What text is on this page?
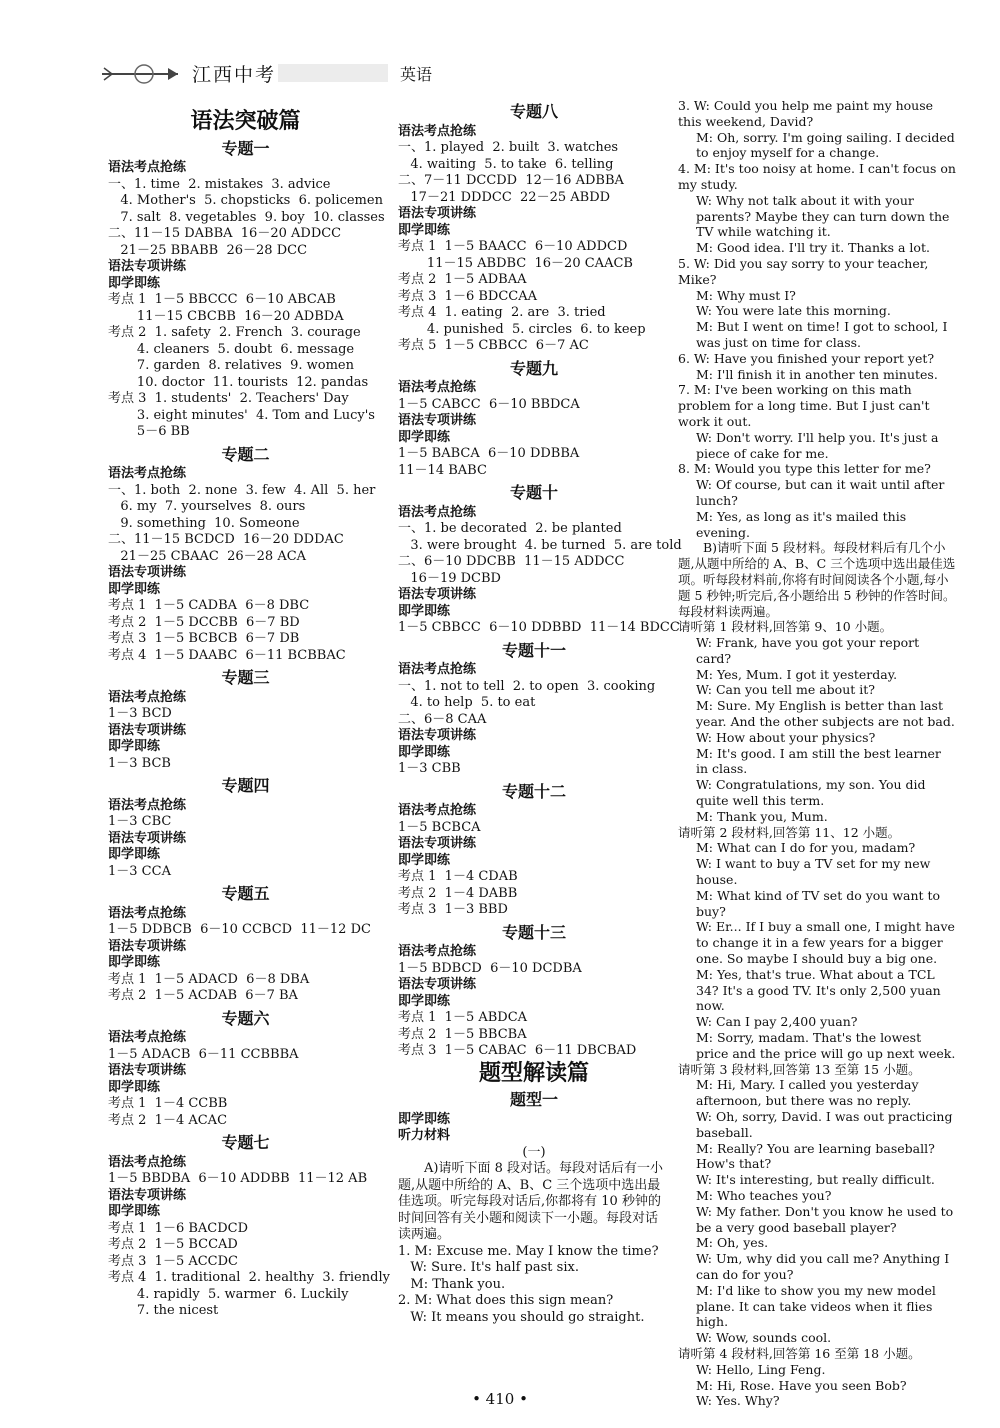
江西中考	英语
语法突破篇
专题一
语法考点抢练
一、1. time  2. mistakes  3. advice
4. Mother's  5. chopsticks  6. policemen
7. salt  8. vegetables  9. boy  10. classes
二、11－15 DABBA  16－20 ADDCC
21－25 BBABB  26－28 DCC
语法专项讲练
即学即练
考点 1  1－5 BBCCC  6－10 ABCAB
11－15 CBCBB  16－20 ADBDA
考点 2  1. safety  2. French  3. courage
4. cleaners  5. doubt  6. message
7. garden  8. relatives  9. women
10. doctor  11. tourists  12. pandas
考点 3  1. students'  2. Teachers' Day
3. eight minutes'  4. Tom and Lucy's
5－6 BB
专题二
语法考点抢练
一、1. both  2. none  3. few  4. All  5. her
6. my  7. yourselves  8. ours
9. something  10. Someone
二、11－15 BCDCD  16－20 DDDAC
21－25 CBAAC  26－28 ACA
语法专项讲练
即学即练
考点 1  1－5 CADBA  6－8 DBC
考点 2  1－5 DCCBB  6－7 BD
考点 3  1－5 BCBCB  6－7 DB
考点 4  1－5 DAABC  6－11 BCBBAC
专题三
语法考点抢练
1－3 BCD
语法专项讲练
即学即练
1－3 BCB
专题四
语法考点抢练
1－3 CBC
语法专项讲练
即学即练
1－3 CCA
专题五
语法考点抢练
1－5 DDBCB  6－10 CCBCD  11－12 DC
语法专项讲练
即学即练
考点 1  1－5 ADACD  6－8 DBA
考点 2  1－5 ACDAB  6－7 BA
专题六
语法考点抢练
1－5 ADACB  6－11 CCBBBA
语法专项讲练
即学即练
考点 1  1－4 CCBB
考点 2  1－4 ACAC
专题七
语法考点抢练
1－5 BBDBA  6－10 ADDBB  11－12 AB
语法专项讲练
即学即练
考点 1  1－6 BACDCD
考点 2  1－5 BCCAD
考点 3  1－5 ACCDC
考点 4  1. traditional  2. healthy  3. friendly
4. rapidly  5. warmer  6. Luckily
7. the nicest
专题八
语法考点抢练
一、1. played  2. built  3. watches
4. waiting  5. to take  6. telling
二、7－11 DCCDD  12－16 ADBBA
17－21 DDDCC  22－25 ABDD
语法专项讲练
即学即练
考点 1  1－5 BAACC  6－10 ADDCD
11－15 ABDBC  16－20 CAACB
考点 2  1－5 ADBAA
考点 3  1－6 BDCCAA
考点 4  1. eating  2. are  3. tried
4. punished  5. circles  6. to keep
考点 5  1－5 CBBCC  6－7 AC
专题九
语法考点抢练
1－5 CABCC  6－10 BBDCA
语法专项讲练
即学即练
1－5 BABCA  6－10 DDBBA
11－14 BABC
专题十
语法考点抢练
一、1. be decorated  2. be planted
3. were brought  4. be turned  5. are told
二、6－10 DDCBB  11－15 ADDCC
16－19 DCBD
语法专项讲练
即学即练
1－5 CBBCC  6－10 DDBBD  11－14 BDCC
专题十一
语法考点抢练
一、1. not to tell  2. to open  3. cooking
4. to help  5. to eat
二、6－8 CAA
语法专项讲练
即学即练
1－3 CBB
专题十二
语法考点抢练
1－5 BCBCA
语法专项讲练
即学即练
考点 1  1－4 CDAB
考点 2  1－4 DABB
考点 3  1－3 BBD
专题十三
语法考点抢练
1－5 BDBCD  6－10 DCDBA
语法专项讲练
即学即练
考点 1  1－5 ABDCA
考点 2  1－5 BBCBA
考点 3  1－5 CABAC  6－11 DBCBAD
题型解读篇
题型一
即学即练
听力材料
(一)
A)请听下面 8 段对话。每段对话后有一小题,从题中所给的 A、B、C 三个选项中选出最佳选项。听完每段对话后,你都将有 10 秒钟的时间回答有关小题和阅读下一小题。每段对话读两遍。
1. M: Excuse me. May I know the time?
W: Sure. It's half past six.
M: Thank you.
2. M: What does this sign mean?
W: It means you should go straight.
3. W: Could you help me paint my house this weekend, David?
M: Oh, sorry. I'm going sailing. I decided to enjoy myself for a change.
4. M: It's too noisy at home. I can't focus on my study.
W: Why not talk about it with your parents? Maybe they can turn down the TV while watching it.
M: Good idea. I'll try it. Thanks a lot.
5. W: Did you say sorry to your teacher, Mike?
M: Why must I?
W: You were late this morning.
M: But I went on time! I got to school, I was just on time for class.
6. W: Have you finished your report yet?
M: I'll finish it in another ten minutes.
7. M: I've been working on this math problem for a long time. But I just can't work it out.
W: Don't worry. I'll help you. It's just a piece of cake for me.
8. M: Would you type this letter for me?
W: Of course, but can it wait until after lunch?
M: Yes, as long as it's mailed this evening.
B)请听下面 5 段材料。每段材料后有几个小题,从题中所给的 A、B、C 三个选项中选出最佳选项。听每段材料前,你将有时间阅读各个小题,每小题 5 秒钟;听完后,各小题给出 5 秒钟的作答时间。每段材料读两遍。
请听第 1 段材料,回答第 9、10 小题。
W: Frank, have you got your report card?
M: Yes, Mum. I got it yesterday.
W: Can you tell me about it?
M: Sure. My English is better than last year. And the other subjects are not bad.
W: How about your physics?
M: It's good. I am still the best learner in class.
W: Congratulations, my son. You did quite well this term.
M: Thank you, Mum.
请听第 2 段材料,回答第 11、12 小题。
M: What can I do for you, madam?
W: I want to buy a TV set for my new house.
M: What kind of TV set do you want to buy?
W: Er... If I buy a small one, I might have to change it in a few years for a bigger one. So maybe I should buy a big one.
M: Yes, that's true. What about a TCL 34? It's a good TV. It's only 2,500 yuan now.
W: Can I pay 2,400 yuan?
M: Sorry, madam. That's the lowest price and the price will go up next week.
请听第 3 段材料,回答第 13 至第 15 小题。
M: Hi, Mary. I called you yesterday afternoon, but there was no reply.
W: Oh, sorry, David. I was out practicing baseball.
M: Really? You are learning baseball? How's that?
W: It's interesting, but really difficult.
M: Who teaches you?
W: My father. Don't you know he used to be a very good baseball player?
M: Oh, yes.
W: Um, why did you call me? Anything I can do for you?
M: I'd like to show you my new model plane. It can take videos when it flies high.
W: Wow, sounds cool.
请听第 4 段材料,回答第 16 至第 18 小题。
W: Hello, Ling Feng.
M: Hi, Rose. Have you seen Bob?
W: Yes. Why?
• 410 •
